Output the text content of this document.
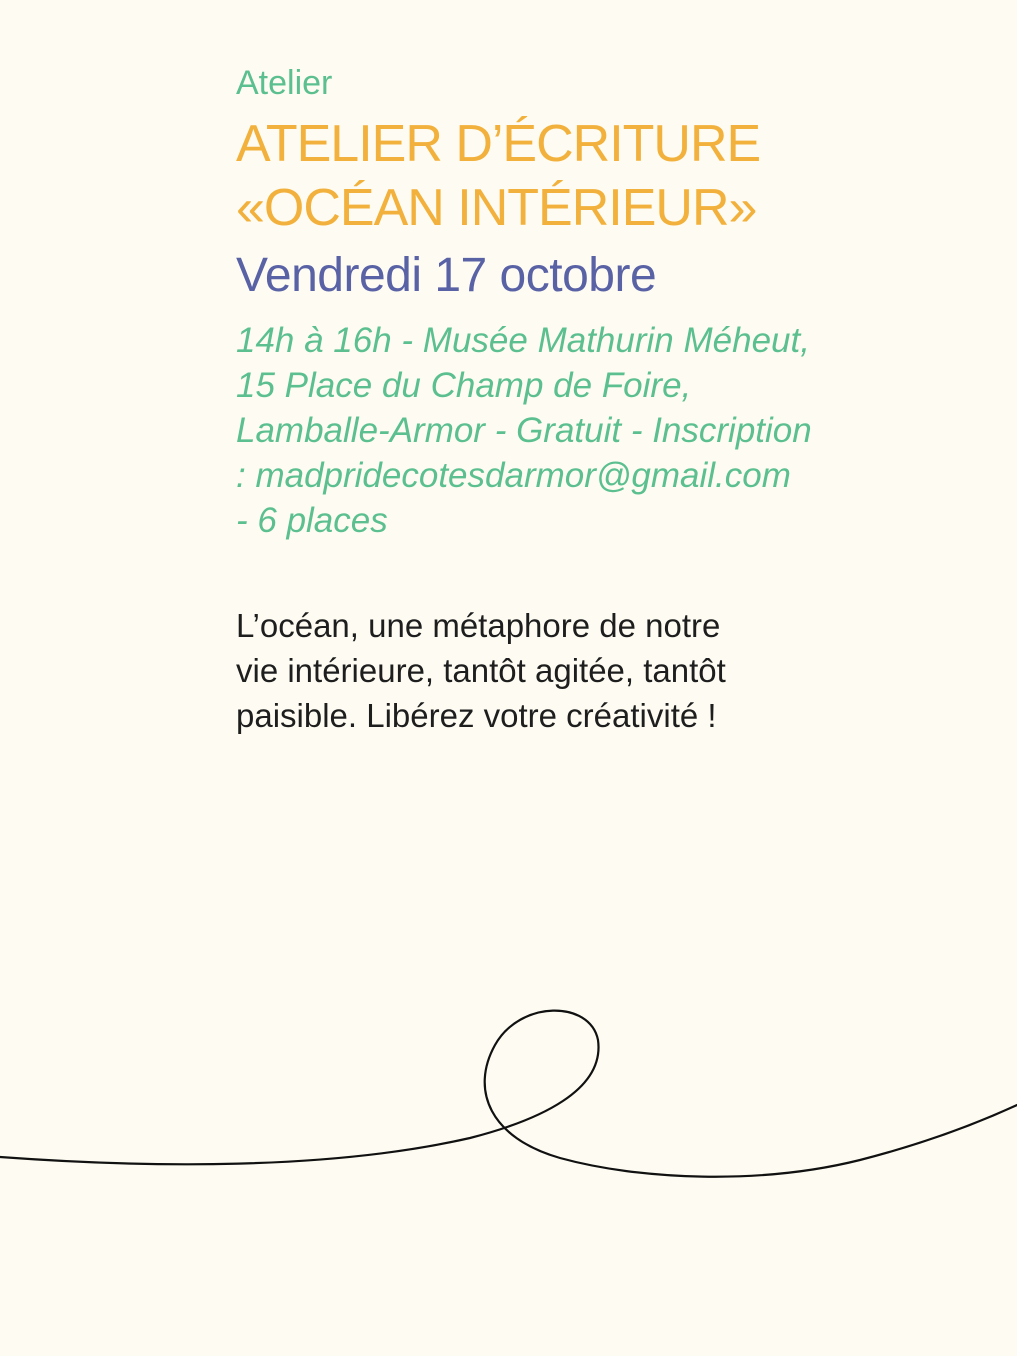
Atelier

ATELIER D’ÉCRITURE
«OCÉAN INTÉRIEUR»

Vendredi 17 octobre

14h à 16h - Musée Mathurin Méheut,
15 Place du Champ de Foire,
Lamballe-Armor - Gratuit - Inscription
: madpridecotesdarmor@gmail.com
- 6 places

L’océan, une métaphore de notre
vie intérieure, tantôt agitée, tantôt
paisible. Libérez votre créativité !
